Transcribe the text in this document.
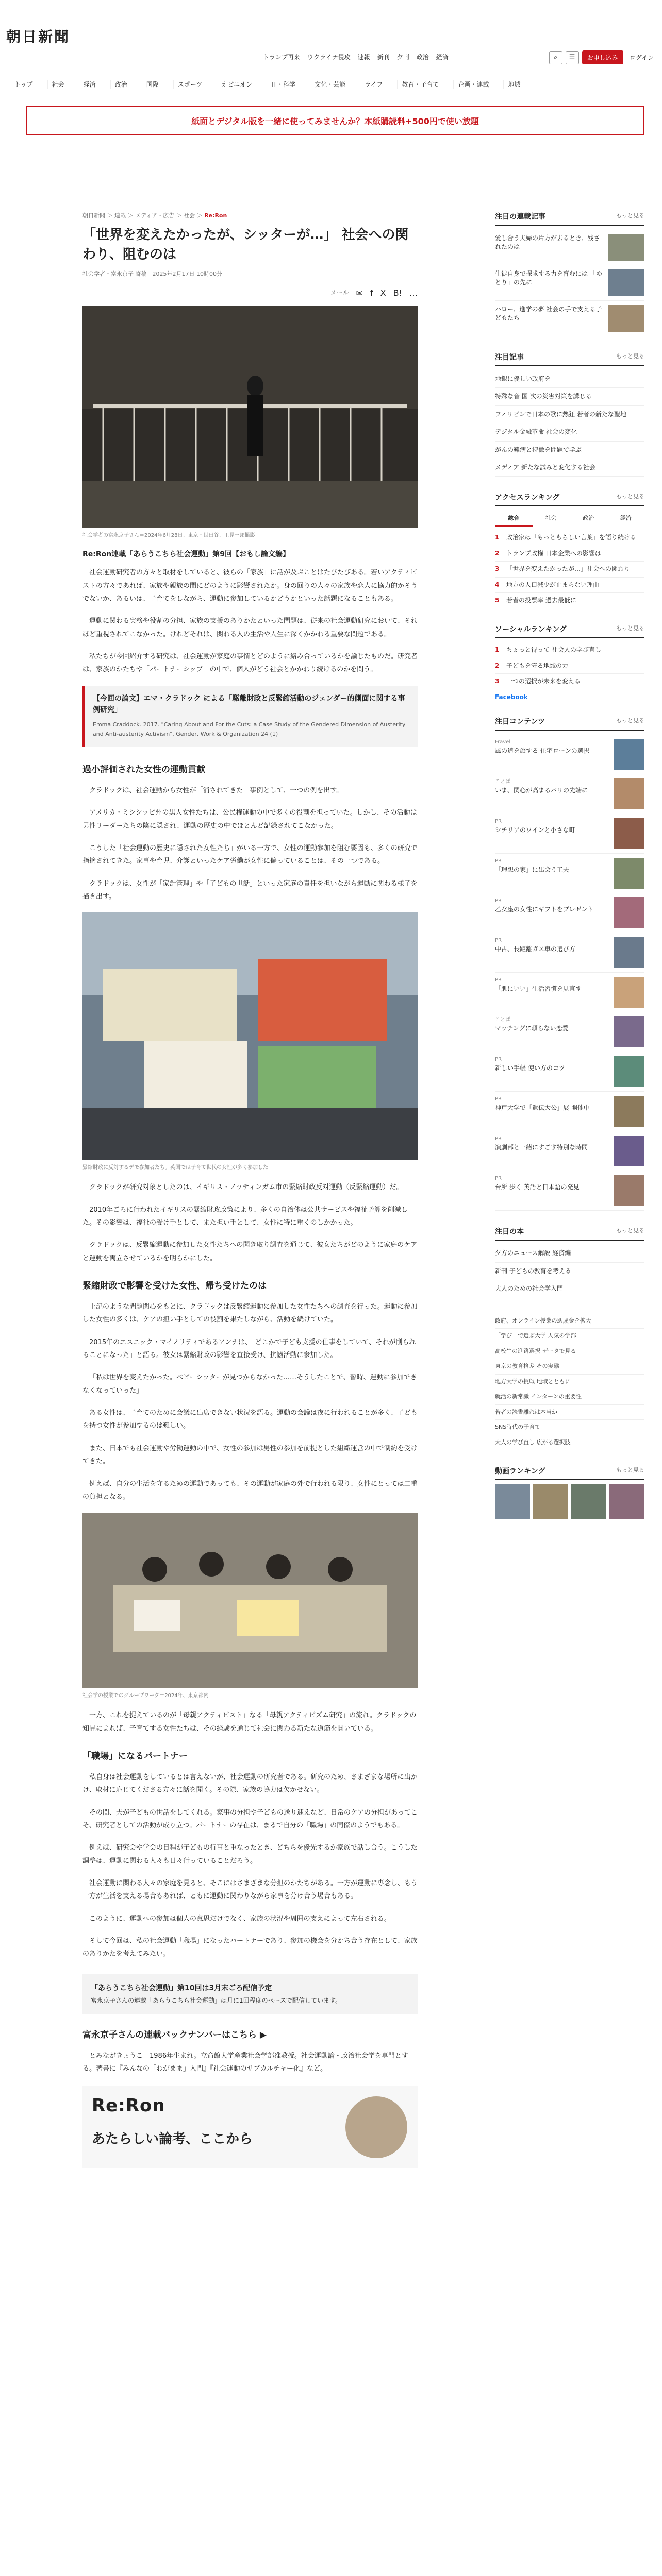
朝日新聞
トランプ再来 ウクライナ侵攻 速報 新刊 夕刊 政治 経済	⌕	☰	お申し込み	ログイン
トップ	社会	経済	政治	国際	スポーツ	オピニオン	IT・科学	文化・芸能	ライフ	教育・子育て	企画・連載	地域
紙面とデジタル版を一緒に使ってみませんか？本紙購読料+500円で使い放題
朝日新聞 ＞ 連載 ＞ メディア・広告 ＞ 社会 ＞ Re:Ron
「世界を変えたかったが、シッターが…」 社会への関わり、阻むのは
社会学者・富永京子 寄稿　2025年2月17日 10時00分
メール ✉ f X B! …
社会学者の富永京子さん＝2024年6月28日、東京・世田谷、里見一郎撮影
Re:Ron連載「あらうこちら社会運動」第9回【おもし論文編】

社会運動研究者の方々と取材をしていると、彼らの「家族」に話が及ぶことはたびたびある。若いアクティビストの方々であれば、家族や親族の間にどのように影響されたか。身の回りの人々の家族や恋人に協力的かそうでないか、あるいは、子育てをしながら、運動に参加しているかどうかといった話題になることもある。

運動に関わる実務や役割の分担、家族の支援のありかたといった問題は、従来の社会運動研究において、それほど重視されてこなかった。けれどそれは、関わる人の生活や人生に深くかかわる重要な問題である。

私たちが今回紹介する研究は、社会運動が家庭の事情とどのように絡み合っているかを論じたものだ。研究者は、家族のかたちや「パートナーシップ」の中で、個人がどう社会とかかわり続けるのかを問う。

【今回の論文】エマ・クラドック による「駆離財政と反緊縮活動のジェンダー的側面に関する事例研究」
Emma Craddock. 2017. "Caring About and For the Cuts: a Case Study of the Gendered Dimension of Austerity and Anti-austerity Activism", Gender, Work & Organization 24 (1)
過小評価された女性の運動貢献

クラドックは、社会運動から女性が「消されてきた」事例として、一つの例を出す。

アメリカ・ミシシッピ州の黒人女性たちは、公民権運動の中で多くの役割を担っていた。しかし、その活動は男性リーダーたちの陰に隠され、運動の歴史の中でほとんど記録されてこなかった。

こうした「社会運動の歴史に隠された女性たち」がいる一方で、女性の運動参加を阻む要因も、多くの研究で指摘されてきた。家事や育児、介護といったケア労働が女性に偏っていることは、その一つである。

クラドックは、女性が「家計管理」や「子どもの世話」といった家庭の責任を担いながら運動に関わる様子を描き出す。

緊縮財政に反対するデモ参加者たち。英国では子育て世代の女性が多く参加した

クラドックが研究対象としたのは、イギリス・ノッティンガム市の緊縮財政反対運動（反緊縮運動）だ。

2010年ごろに行われたイギリスの緊縮財政政策により、多くの自治体は公共サービスや福祉予算を削減した。その影響は、福祉の受け手として、また担い手として、女性に特に重くのしかかった。

クラドックは、反緊縮運動に参加した女性たちへの聞き取り調査を通じて、彼女たちがどのように家庭のケアと運動を両立させているかを明らかにした。

緊縮財政で影響を受けた女性、帰ち受けたのは

上記のような問題関心をもとに、クラドックは反緊縮運動に参加した女性たちへの調査を行った。運動に参加した女性の多くは、ケアの担い手としての役割を果たしながら、活動を続けていた。

2015年のエスニック・マイノリティであるアンナは、「どこかで子ども支援の仕事をしていて、それが削られることになった」と語る。彼女は緊縮財政の影響を直接受け、抗議活動に参加した。

「私は世界を変えたかった。ベビーシッターが見つからなかった……そうしたことで、暫時、運動に参加できなくなっていった」

ある女性は、子育てのために会議に出席できない状況を語る。運動の会議は夜に行われることが多く、子どもを持つ女性が参加するのは難しい。

また、日本でも社会運動や労働運動の中で、女性の参加は男性の参加を前提とした組織運営の中で制約を受けてきた。

例えば、自分の生活を守るための運動であっても、その運動が家庭の外で行われる限り、女性にとっては二重の負担となる。

社会学の授業でのグループワーク＝2024年、東京都内

一方、これを捉えているのが「母親アクティビスト」なる「母親アクティビズム研究」の流れ。クラドックの知見によれば、子育てする女性たちは、その経験を通じて社会に関わる新たな道筋を開いている。

「職場」になるパートナー

私自身は社会運動をしているとは言えないが、社会運動の研究者である。研究のため、さまざまな場所に出かけ、取材に応じてくださる方々に話を聞く。その際、家族の協力は欠かせない。

その間、夫が子どもの世話をしてくれる。家事の分担や子どもの送り迎えなど、日常のケアの分担があってこそ、研究者としての活動が成り立つ。パートナーの存在は、まるで自分の「職場」の同僚のようでもある。

例えば、研究会や学会の日程が子どもの行事と重なったとき、どちらを優先するか家族で話し合う。こうした調整は、運動に関わる人々も日々行っていることだろう。

社会運動に関わる人々の家庭を見ると、そこにはさまざまな分担のかたちがある。一方が運動に専念し、もう一方が生活を支える場合もあれば、ともに運動に関わりながら家事を分け合う場合もある。

このように、運動への参加は個人の意思だけでなく、家族の状況や周囲の支えによって左右される。

そして今回は、私の社会運動「職場」になったパートナーであり、参加の機会を分かち合う存在として、家族のありかたを考えてみたい。

「あらうこちら社会運動」第10回は3月末ごろ配信予定
富永京子さんの連載「あらうこちら社会運動」は月に1回程度のペースで配信しています。
富永京子さんの連載バックナンバーはこちら ▶

とみながきょうこ　1986年生まれ。立命館大学産業社会学部准教授。社会運動論・政治社会学を専門とする。著書に『みんなの「わがまま」入門』『社会運動のサブカルチャー化』など。

Re:Ron
あたらしい論考、ここから
注目の連載記事	もっと見る
愛し合う夫婦の片方が去るとき、残されたのは
生徒自身で探求する力を育むには 「ゆとり」の先に
ハロー、進学の夢 社会の手で支える子どもたち
注目記事	もっと見る
地銀に優しい政府を
特殊な音 国 次の災害対策を講じる
フィリピンで日本の歌に熱狂 若者の新たな聖地
デジタル金融革命 社会の変化
がんの難病と特徴を問題で学ぶ
メディア 新たな試みと変化する社会
アクセスランキング	もっと見る
総合	社会	政治	経済
1	政治家は「もっともらしい言葉」を語り続ける
2	トランプ政権 日本企業への影響は
3	「世界を変えたかったが…」社会への関わり
4	地方の人口減少が止まらない理由
5	若者の投票率 過去最低に
ソーシャルランキング	もっと見る
1	ちょっと待って 社会人の学び直し
2	子どもを守る地域の力
3	一つの選択が未来を変える
Facebook
注目コンテンツ	もっと見る
Fravel
風の道を旅する 住宅ローンの選択
ことば
いま、関心が高まるバリの先端に
PR
シチリアのワインと小さな町
PR
「理想の家」に出会う工夫
PR
乙女座の女性にギフトをプレゼント
PR
中古、長距離ガス車の選び方
PR
「肌にいい」生活習慣を見直す
ことば
マッチングに頼らない恋愛
PR
新しい手帳 使い方のコツ
PR
神戸大学で「遺伝大公」展 開催中
PR
演劇部と一緒にすごす特別な時間
PR
台所 歩く 英語と日本語の発見
注目の本	もっと見る
夕方のニュース解説 経済編
新刊 子どもの教育を考える
大人のための社会学入門
政府、オンライン授業の助成金を拡大
「学び」で選ぶ大学 人気の学部
高校生の進路選択 データで見る
東京の教育格差 その実態
地方大学の挑戦 地域とともに
就活の新常識 インターンの重要性
若者の読書離れは本当か
SNS時代の子育て
大人の学び直し 広がる選択肢
動画ランキング	もっと見る
